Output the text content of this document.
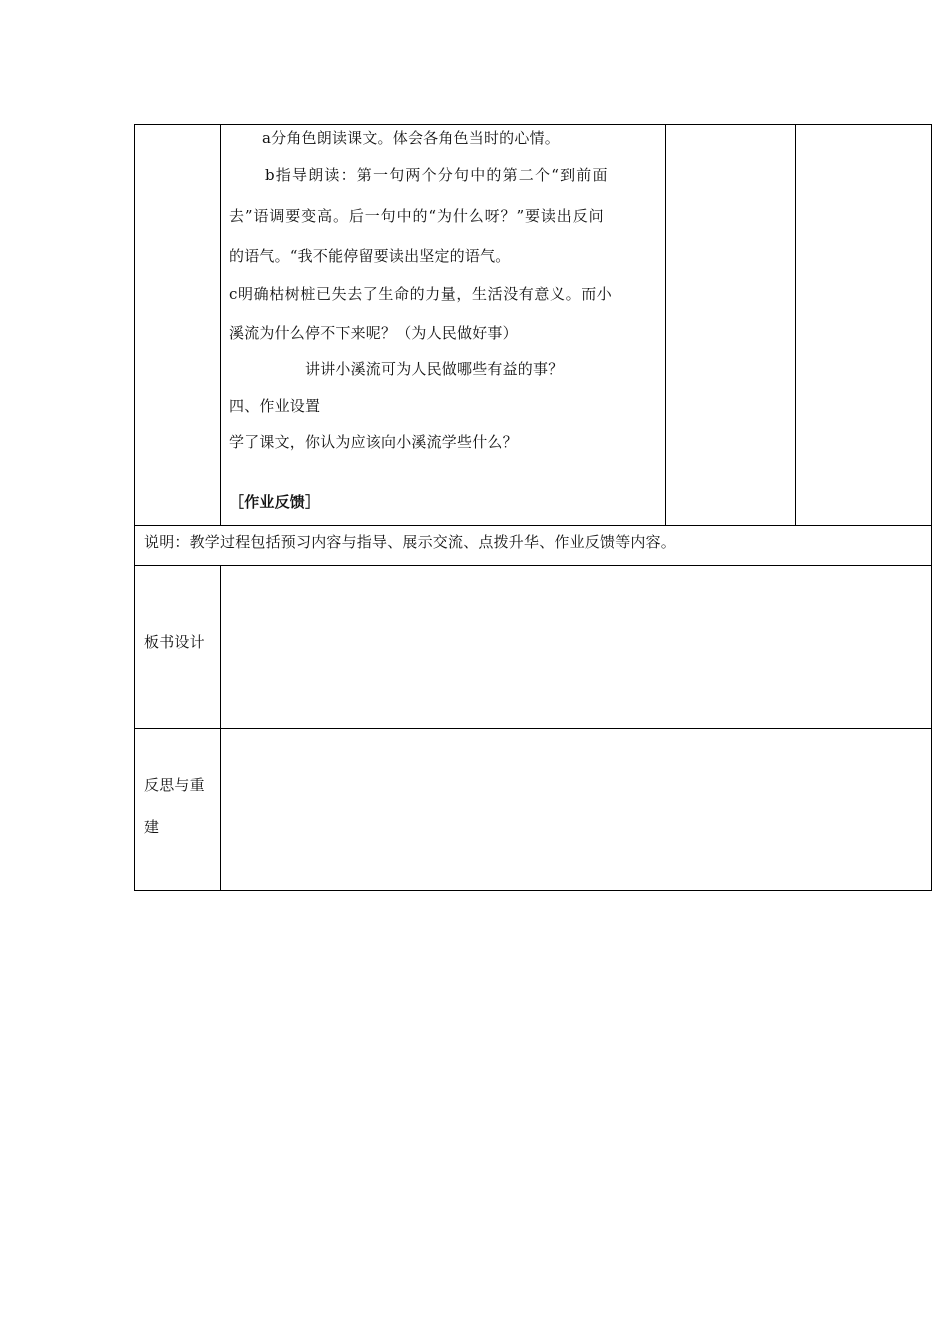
a分角色朗读课文。体会各角色当时的心情。
b指导朗读：第一句两个分句中的第二个“到前面
去”语调要变高。后一句中的“为什么呀？”要读出反问
的语气。“我不能停留要读出坚定的语气。
c明确枯树桩已失去了生命的力量，生活没有意义。而小
溪流为什么停不下来呢？（为人民做好事）
讲讲小溪流可为人民做哪些有益的事？
四、作业设置
学了课文，你认为应该向小溪流学些什么？
［作业反馈］
说明：教学过程包括预习内容与指导、展示交流、点拨升华、作业反馈等内容。
板书设计
反思与重
建
